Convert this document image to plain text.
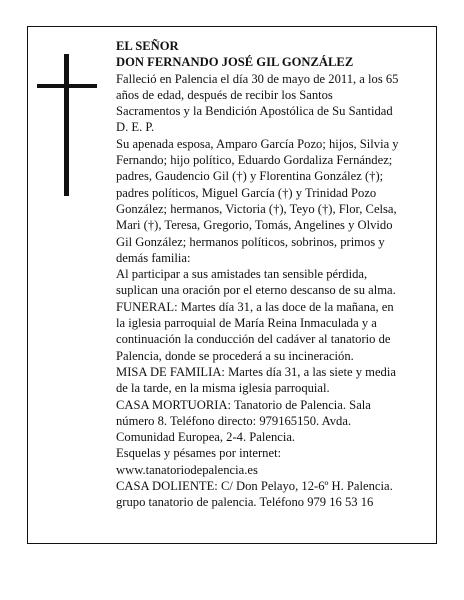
EL SEÑOR
DON FERNANDO JOSÉ GIL GONZÁLEZ
Falleció en Palencia el día 30 de mayo de 2011, a los 65
años de edad, después de recibir los Santos
Sacramentos y la Bendición Apostólica de Su Santidad
D. E. P.
Su apenada esposa, Amparo García Pozo; hijos, Silvia y
Fernando; hijo político, Eduardo Gordaliza Fernández;
padres, Gaudencio Gil (†) y Florentina González (†);
padres políticos, Miguel García (†) y Trinidad Pozo
González; hermanos, Victoria (†), Teyo (†), Flor, Celsa,
Mari (†), Teresa, Gregorio, Tomás, Angelines y Olvido
Gil González; hermanos políticos, sobrinos, primos y
demás familia:
Al participar a sus amistades tan sensible pérdida,
suplican una oración por el eterno descanso de su alma.
FUNERAL: Martes día 31, a las doce de la mañana, en
la iglesia parroquial de María Reina Inmaculada y a
continuación la conducción del cadáver al tanatorio de
Palencia, donde se procederá a su incineración.
MISA DE FAMILIA: Martes día 31, a las siete y media
de la tarde, en la misma iglesia parroquial.
CASA MORTUORIA: Tanatorio de Palencia. Sala
número 8. Teléfono directo: 979165150. Avda.
Comunidad Europea, 2-4. Palencia.
Esquelas y pésames por internet:
www.tanatoriodepalencia.es
CASA DOLIENTE: C/ Don Pelayo, 12-6º H. Palencia.
grupo tanatorio de palencia. Teléfono 979 16 53 16
